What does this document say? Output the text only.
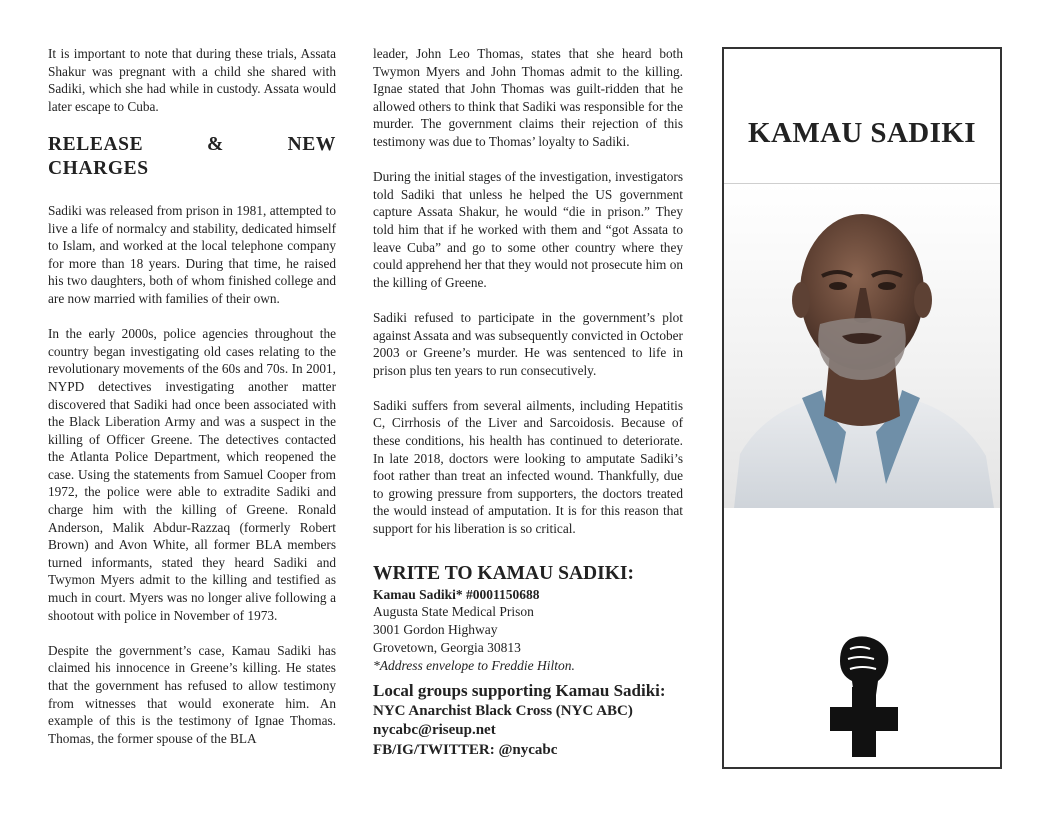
It is important to note that during these trials, Assata Shakur was pregnant with a child she shared with Sadiki, which she had while in custody. Assata would later escape to Cuba.

RELEASE & NEW CHARGES

Sadiki was released from prison in 1981, attempted to live a life of normalcy and stability, dedicated himself to Islam, and worked at the local telephone company for more than 18 years. During that time, he raised his two daughters, both of whom finished college and are now married with families of their own.

In the early 2000s, police agencies throughout the country began investigating old cases relating to the revolutionary movements of the 60s and 70s. In 2001, NYPD detectives investigating another matter discovered that Sadiki had once been associated with the Black Liberation Army and was a suspect in the killing of Officer Greene. The detectives contacted the Atlanta Police Department, which reopened the case. Using the statements from Samuel Cooper from 1972, the police were able to extradite Sadiki and charge him with the killing of Greene. Ronald Anderson, Malik Abdur-Razzaq (formerly Robert Brown) and Avon White, all former BLA members turned informants, stated they heard Sadiki and Twymon Myers admit to the killing and testified as much in court. Myers was no longer alive following a shootout with police in November of 1973.

Despite the government’s case, Kamau Sadiki has claimed his innocence in Greene’s killing. He states that the government has refused to allow testimony from witnesses that would exonerate him. An example of this is the testimony of Ignae Thomas. Thomas, the former spouse of the BLA

leader, John Leo Thomas, states that she heard both Twymon Myers and John Thomas admit to the killing. Ignae stated that John Thomas was guilt-ridden that he allowed others to think that Sadiki was responsible for the murder. The government claims their rejection of this testimony was due to Thomas’ loyalty to Sadiki.

During the initial stages of the investigation, investigators told Sadiki that unless he helped the US government capture Assata Shakur, he would “die in prison.” They told him that if he worked with them and “got Assata to leave Cuba” and go to some other country where they could apprehend her that they would not prosecute him on the killing of Greene.

Sadiki refused to participate in the government’s plot against Assata and was subsequently convicted in October 2003 or Greene’s murder. He was sentenced to life in prison plus ten years to run consecutively.

Sadiki suffers from several ailments, including Hepatitis C, Cirrhosis of the Liver and Sarcoidosis. Because of these conditions, his health has continued to deteriorate. In late 2018, doctors were looking to amputate Sadiki’s foot rather than treat an infected wound. Thankfully, due to growing pressure from supporters, the doctors treated the would instead of amputation. It is for this reason that support for his liberation is so critical.

WRITE TO KAMAU SADIKI:
Kamau Sadiki* #0001150688
Augusta State Medical Prison
3001 Gordon Highway
Grovetown, Georgia 30813
*Address envelope to Freddie Hilton.
Local groups supporting Kamau Sadiki:
NYC Anarchist Black Cross (NYC ABC)
nycabc@riseup.net
FB/IG/TWITTER: @nycabc
KAMAU SADIKI
